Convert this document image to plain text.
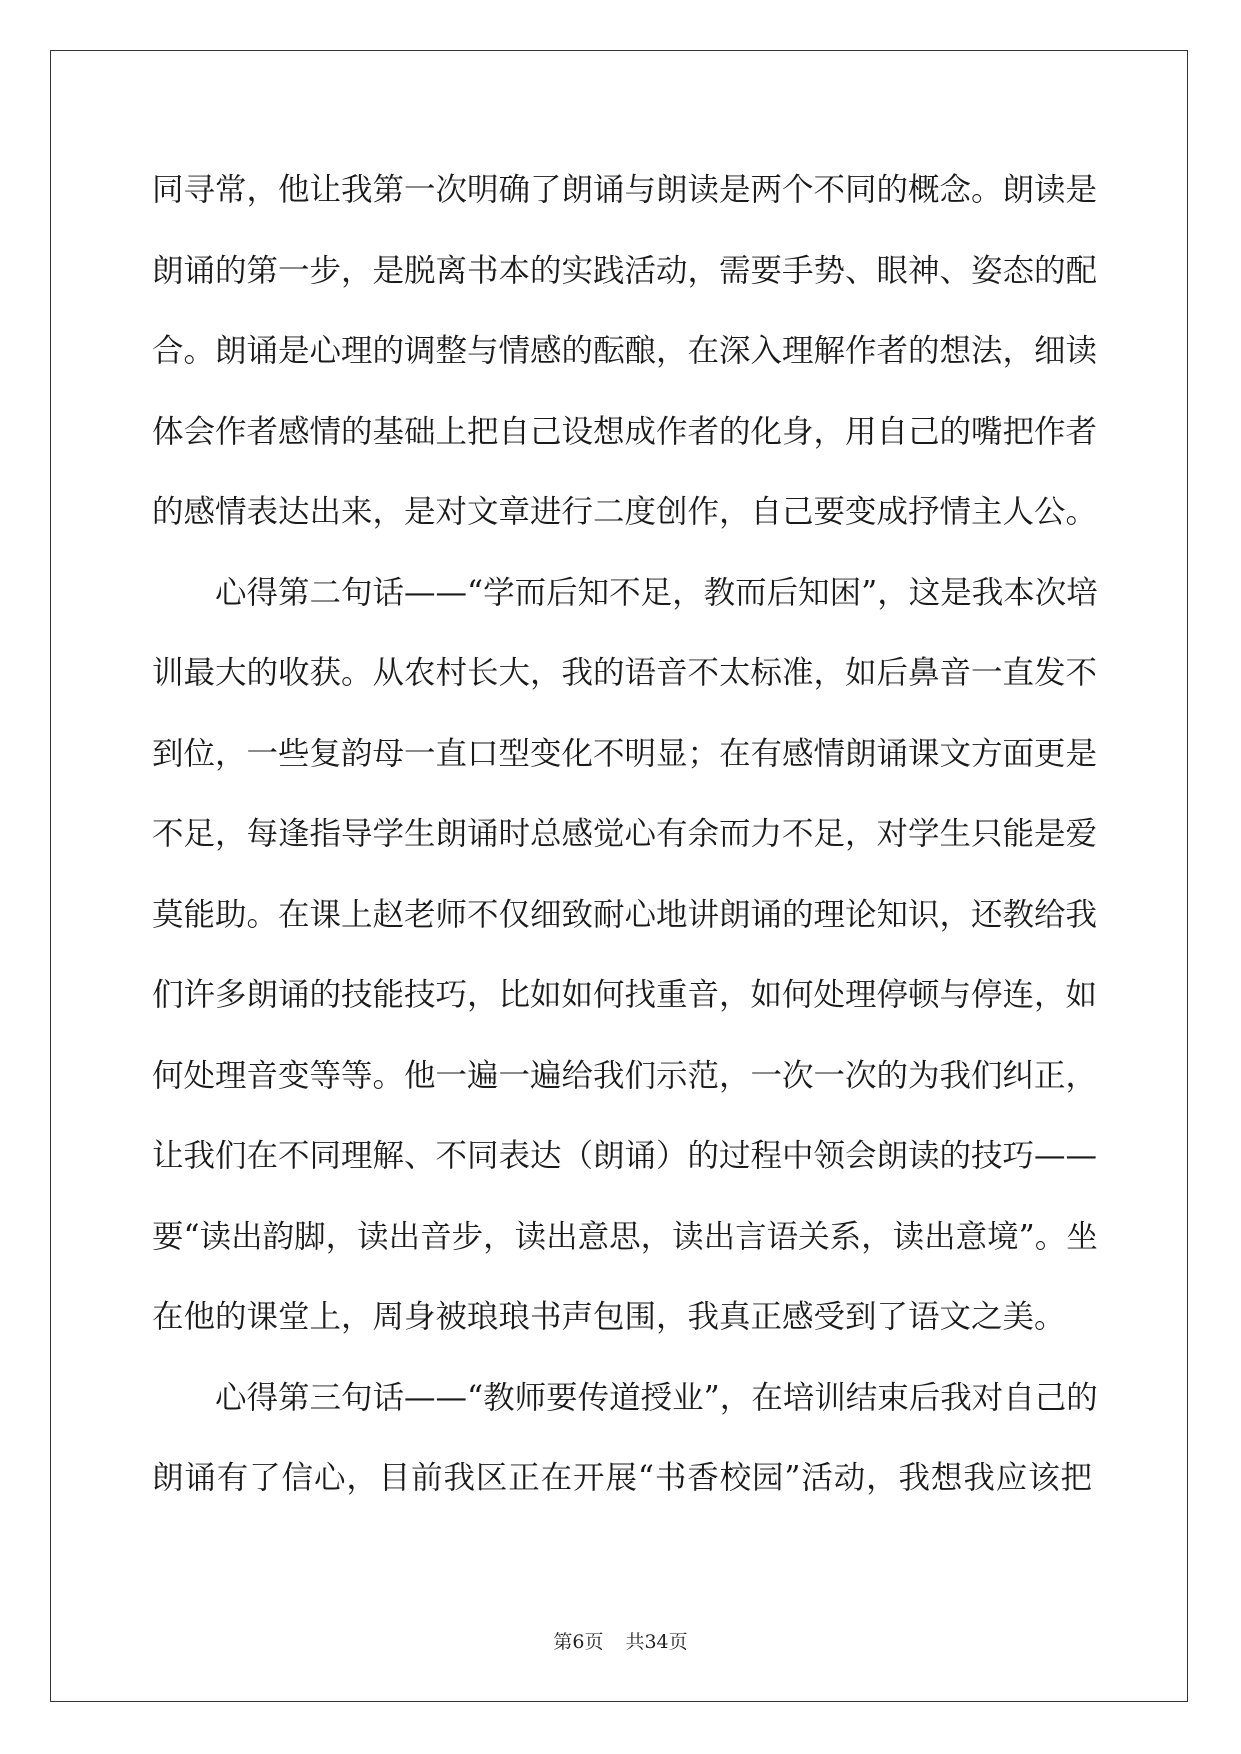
同寻常，他让我第一次明确了朗诵与朗读是两个不同的概念。朗读是
朗诵的第一步，是脱离书本的实践活动，需要手势、眼神、姿态的配
合。朗诵是心理的调整与情感的酝酿，在深入理解作者的想法，细读
体会作者感情的基础上把自己设想成作者的化身，用自己的嘴把作者
的感情表达出来，是对文章进行二度创作，自己要变成抒情主人公。
　　心得第二句话——“学而后知不足，教而后知困”，这是我本次培
训最大的收获。从农村长大，我的语音不太标准，如后鼻音一直发不
到位，一些复韵母一直口型变化不明显；在有感情朗诵课文方面更是
不足，每逢指导学生朗诵时总感觉心有余而力不足，对学生只能是爱
莫能助。在课上赵老师不仅细致耐心地讲朗诵的理论知识，还教给我
们许多朗诵的技能技巧，比如如何找重音，如何处理停顿与停连，如
何处理音变等等。他一遍一遍给我们示范，一次一次的为我们纠正，
让我们在不同理解、不同表达（朗诵）的过程中领会朗读的技巧——
要“读出韵脚，读出音步，读出意思，读出言语关系，读出意境”。坐
在他的课堂上，周身被琅琅书声包围，我真正感受到了语文之美。
　　心得第三句话——“教师要传道授业”，在培训结束后我对自己的
朗诵有了信心，目前我区正在开展“书香校园”活动，我想我应该把
第6页 共34页
